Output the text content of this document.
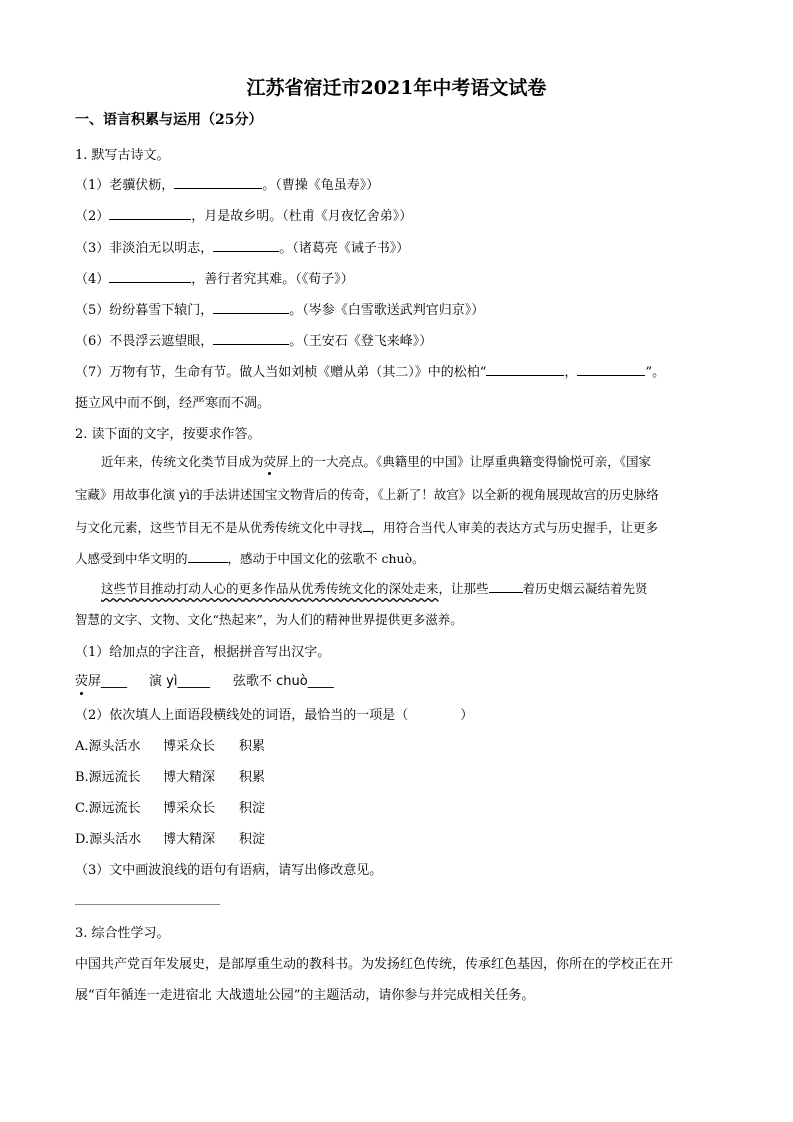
江苏省宿迁市2021年中考语文试卷
一、语言积累与运用（25分）
1. 默写古诗文。
（1）老骥伏枥，	。（曹操《龟虽寿》）
（2）	，月是故乡明。（杜甫《月夜忆舍弟》）
（3）非淡泊无以明志，	。（诸葛亮《诫子书》）
（4）	，善行者究其难。（《荀子》）
（5）纷纷暮雪下辕门，	。（岑参《白雪歌送武判官归京》）
（6）不畏浮云遮望眼，	。（王安石《登飞来峰》）
（7）万物有节，生命有节。做人当如刘桢《赠从弟（其二）》中的松柏“	，	”。
挺立风中而不倒，经严寒而不凋。
2. 读下面的文字，按要求作答。
近年来，传统文化类节目成为荧屏上的一大亮点。《典籍里的中国》让厚重典籍变得愉悦可亲，《国家
宝藏》用故事化演 yì的手法讲述国宝文物背后的传奇，《上新了！故宫》以全新的视角展现故宫的历史脉络
与文化元素，这些节目无不是从优秀传统文化中寻找 ，用符合当代人审美的表达方式与历史握手，让更多
人感受到中华文明的	，感动于中国文化的弦歌不 chuò。
这些节目推动打动人心的更多作品从优秀传统文化的深处走来，让那些	着历史烟云凝结着先贤
智慧的文字、文物、文化“热起来”，为人们的精神世界提供更多滋养。
（1）给加点的字注音，根据拼音写出汉字。
荧屏____ 演 yì_____ 弦歌不 chuò____
（2）依次填人上面语段横线处的词语，最恰当的一项是（　　　　）
A.源头活水 博采众长 积累
B.源远流长 博大精深 积累
C.源远流长 博采众长 积淀
D.源头活水 博大精深 积淀
（3）文中画波浪线的语句有语病，请写出修改意见。
3. 综合性学习。
中国共产党百年发展史，是部厚重生动的教科书。为发扬红色传统，传承红色基因，你所在的学校正在开
展“百年循连一走进宿北 大战遗址公园”的主题活动，请你参与并完成相关任务。
